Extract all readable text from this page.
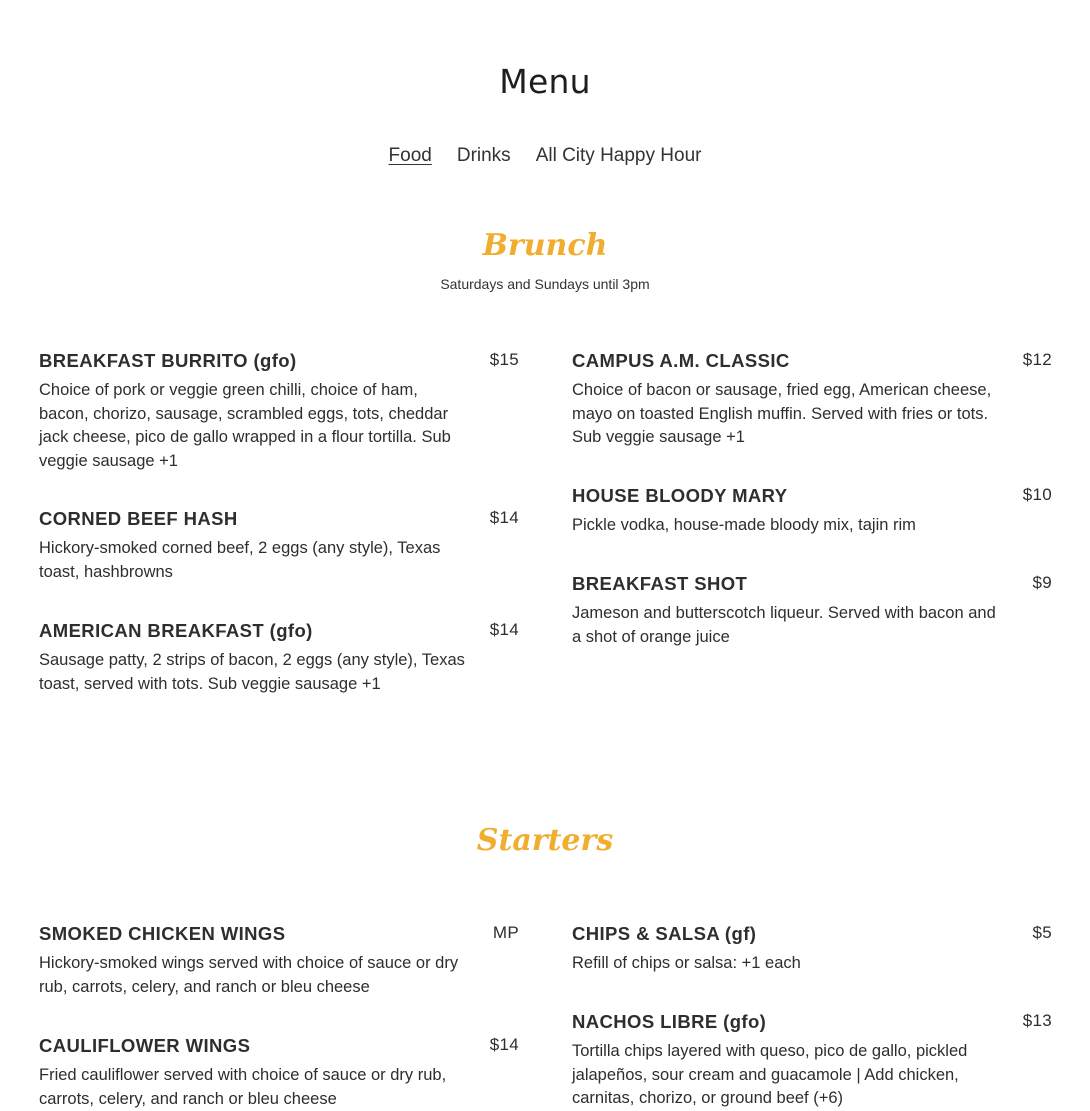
Menu
Food Drinks All City Happy Hour
Brunch
Saturdays and Sundays until 3pm
BREAKFAST BURRITO (gfo)	$15
Choice of pork or veggie green chilli, choice of ham, bacon, chorizo, sausage, scrambled eggs, tots, cheddar jack cheese, pico de gallo wrapped in a flour tortilla. Sub veggie sausage +1
CAMPUS A.M. CLASSIC	$12
Choice of bacon or sausage, fried egg, American cheese, mayo on toasted English muffin. Served with fries or tots. Sub veggie sausage +1
CORNED BEEF HASH	$14
Hickory-smoked corned beef, 2 eggs (any style), Texas toast, hashbrowns
HOUSE BLOODY MARY	$10
Pickle vodka, house-made bloody mix, tajin rim
AMERICAN BREAKFAST (gfo)	$14
Sausage patty, 2 strips of bacon, 2 eggs (any style), Texas toast, served with tots. Sub veggie sausage +1
BREAKFAST SHOT	$9
Jameson and butterscotch liqueur. Served with bacon and a shot of orange juice
Starters
SMOKED CHICKEN WINGS	MP
Hickory-smoked wings served with choice of sauce or dry rub, carrots, celery, and ranch or bleu cheese
CHIPS & SALSA (gf)	$5
Refill of chips or salsa: +1 each
CAULIFLOWER WINGS	$14
Fried cauliflower served with choice of sauce or dry rub, carrots, celery, and ranch or bleu cheese
NACHOS LIBRE (gfo)	$13
Tortilla chips layered with queso, pico de gallo, pickled jalapeños, sour cream and guacamole | Add chicken, carnitas, chorizo, or ground beef (+6)
